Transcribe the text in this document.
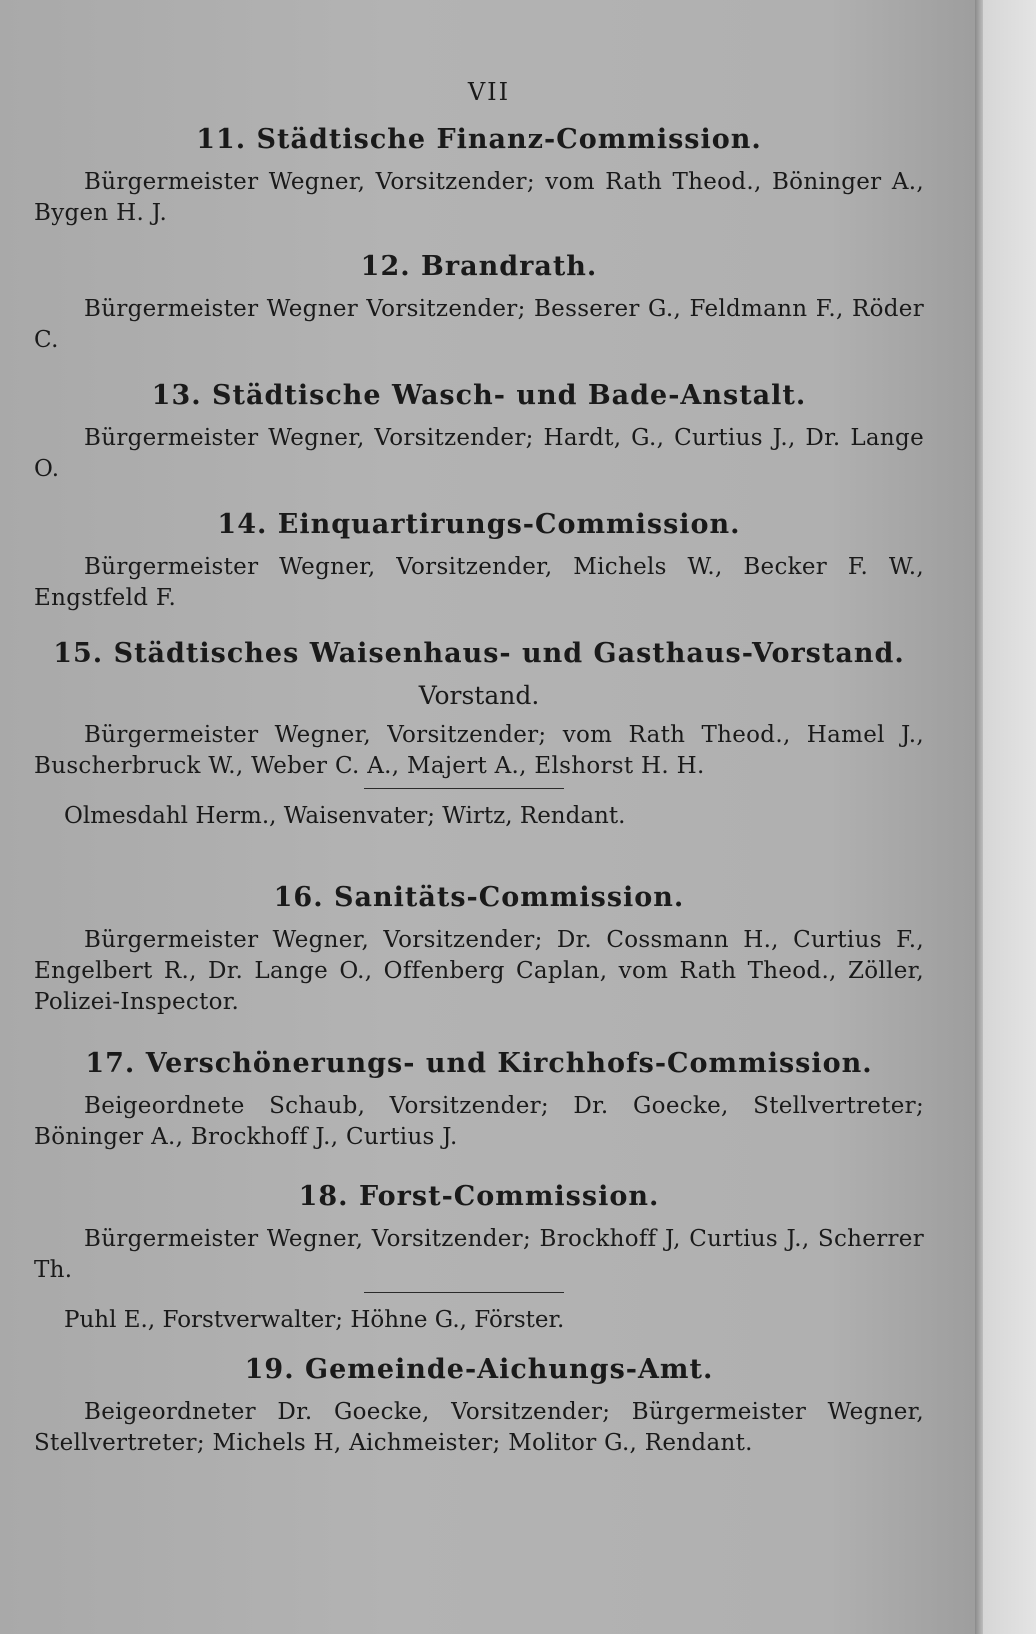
VII
11. Städtische Finanz-Commission.

Bürgermeister Wegner, Vorsitzender; vom Rath Theod., Böninger A., Bygen H. J.

12. Brandrath.

Bürgermeister Wegner Vorsitzender; Besserer G., Feldmann F., Röder C.

13. Städtische Wasch- und Bade-Anstalt.

Bürgermeister Wegner, Vorsitzender; Hardt, G., Curtius J., Dr. Lange O.

14. Einquartirungs-Commission.

Bürgermeister Wegner, Vorsitzender, Michels W., Becker F. W., Engstfeld F.

15. Städtisches Waisenhaus- und Gasthaus-Vorstand.
Vorstand.

Bürgermeister Wegner, Vorsitzender; vom Rath Theod., Hamel J., Buscherbruck W., Weber C. A., Majert A., Elshorst H. H.

Olmesdahl Herm., Waisenvater; Wirtz, Rendant.

16. Sanitäts-Commission.

Bürgermeister Wegner, Vorsitzender; Dr. Cossmann H., Curtius F., Engelbert R., Dr. Lange O., Offenberg Caplan, vom Rath Theod., Zöller, Polizei-Inspector.

17. Verschönerungs- und Kirchhofs-Commission.

Beigeordnete Schaub, Vorsitzender; Dr. Goecke, Stellvertreter; Böninger A., Brockhoff J., Curtius J.

18. Forst-Commission.

Bürgermeister Wegner, Vorsitzender; Brockhoff J, Curtius J., Scherrer Th.

Puhl E., Forstverwalter; Höhne G., Förster.

19. Gemeinde-Aichungs-Amt.

Beigeordneter Dr. Goecke, Vorsitzender; Bürgermeister Wegner, Stellvertreter; Michels H, Aichmeister; Molitor G., Rendant.
